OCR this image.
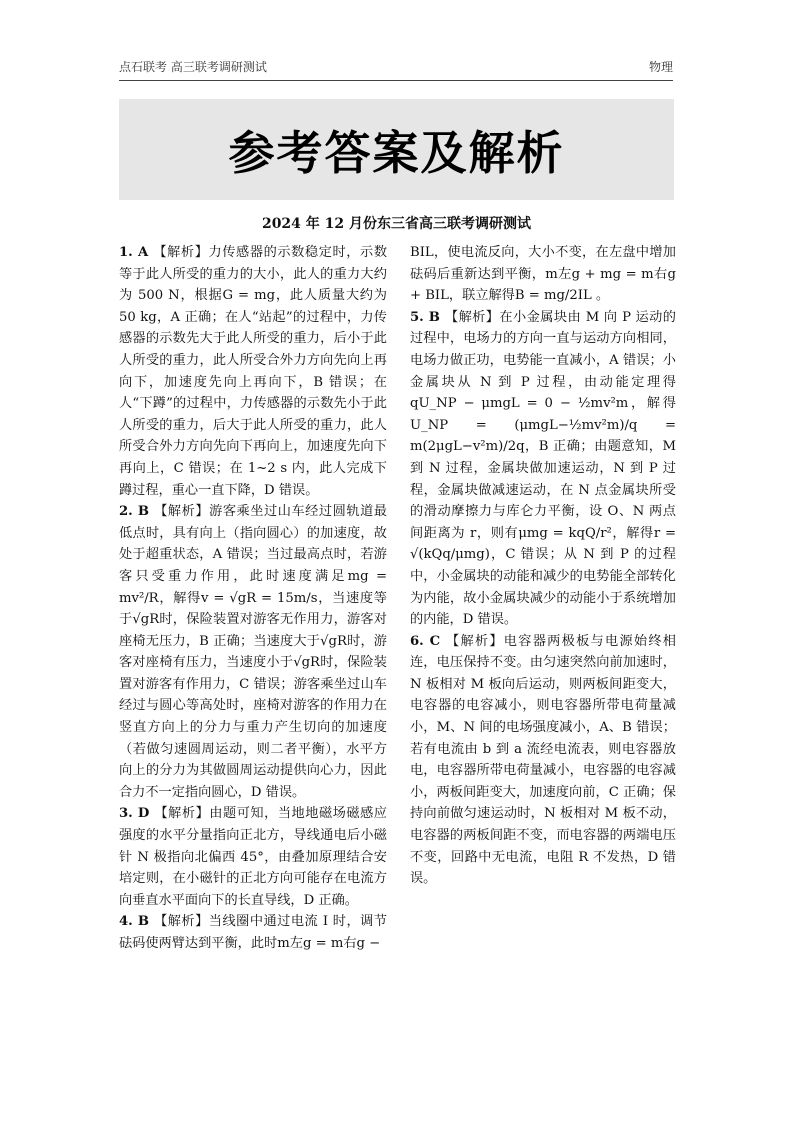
点石联考 高三联考调研测试	物理
参考答案及解析
2024 年 12 月份东三省高三联考调研测试

1. A 【解析】力传感器的示数稳定时，示数等于此人所受的重力的大小，此人的重力大约为 500 N，根据G = mg，此人质量大约为 50 kg，A 正确；在人“站起”的过程中，力传感器的示数先大于此人所受的重力，后小于此人所受的重力，此人所受合外力方向先向上再向下，加速度先向上再向下，B 错误；在人“下蹲”的过程中，力传感器的示数先小于此人所受的重力，后大于此人所受的重力，此人所受合外力方向先向下再向上，加速度先向下再向上，C 错误；在 1~2 s 内，此人完成下蹲过程，重心一直下降，D 错误。

2. B 【解析】游客乘坐过山车经过圆轨道最低点时，具有向上（指向圆心）的加速度，故处于超重状态，A 错误；当过最高点时，若游客只受重力作用，此时速度满足mg = mv²/R，解得v = √gR = 15m/s，当速度等于√gR时，保险装置对游客无作用力，游客对座椅无压力，B 正确；当速度大于√gR时，游客对座椅有压力，当速度小于√gR时，保险装置对游客有作用力，C 错误；游客乘坐过山车经过与圆心等高处时，座椅对游客的作用力在竖直方向上的分力与重力产生切向的加速度（若做匀速圆周运动，则二者平衡），水平方向上的分力为其做圆周运动提供向心力，因此合力不一定指向圆心，D 错误。

3. D 【解析】由题可知，当地地磁场磁感应强度的水平分量指向正北方，导线通电后小磁针 N 极指向北偏西 45°，由叠加原理结合安培定则，在小磁针的正北方向可能存在电流方向垂直水平面向下的长直导线，D 正确。

4. B 【解析】当线圈中通过电流 I 时，调节砝码使两臂达到平衡，此时m左g = m右g −

BIL，使电流反向，大小不变，在左盘中增加砝码后重新达到平衡，m左g + mg = m右g + BIL，联立解得B = mg/2IL 。

5. B 【解析】在小金属块由 M 向 P 运动的过程中，电场力的方向一直与运动方向相同，电场力做正功，电势能一直减小，A 错误；小金属块从 N 到 P 过程，由动能定理得 qU_NP − μmgL = 0 − ½mv²m，解得U_NP = (μmgL−½mv²m)/q = m(2μgL−v²m)/2q，B 正确；由题意知，M 到 N 过程，金属块做加速运动，N 到 P 过程，金属块做减速运动，在 N 点金属块所受的滑动摩擦力与库仑力平衡，设 O、N 两点间距离为 r，则有μmg = kqQ/r²，解得r = √(kQq/μmg)，C 错误；从 N 到 P 的过程中，小金属块的动能和减少的电势能全部转化为内能，故小金属块减少的动能小于系统增加的内能，D 错误。

6. C 【解析】电容器两极板与电源始终相连，电压保持不变。由匀速突然向前加速时，N 板相对 M 板向后运动，则两板间距变大，电容器的电容减小，则电容器所带电荷量减小，M、N 间的电场强度减小，A、B 错误；若有电流由 b 到 a 流经电流表，则电容器放电，电容器所带电荷量减小，电容器的电容减小，两板间距变大，加速度向前，C 正确；保持向前做匀速运动时，N 板相对 M 板不动，电容器的两板间距不变，而电容器的两端电压不变，回路中无电流，电阻 R 不发热，D 错误。
